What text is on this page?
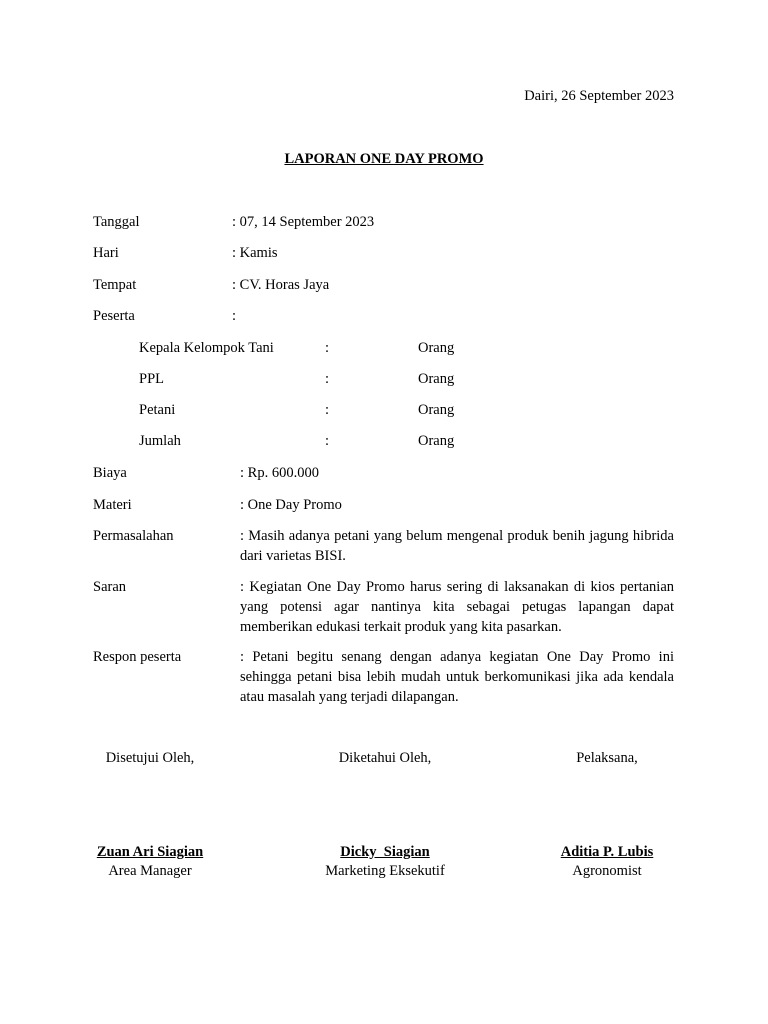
Dairi, 26 September 2023
LAPORAN ONE DAY PROMO
Tanggal	: 07, 14 September 2023
Hari	: Kamis
Tempat	: CV. Horas Jaya
Peserta	:
Kepala Kelompok Tani	:	Orang
PPL	:	Orang
Petani	:	Orang
Jumlah	:	Orang
Biaya	: Rp. 600.000
Materi	: One Day Promo
Permasalahan	: Masih adanya petani yang belum mengenal produk benih jagung hibrida dari varietas BISI.
Saran	: Kegiatan One Day Promo harus sering di laksanakan di kios pertanian yang potensi agar nantinya kita sebagai petugas lapangan dapat memberikan edukasi terkait produk yang kita pasarkan.
Respon peserta	: Petani begitu senang dengan adanya kegiatan One Day Promo ini sehingga petani bisa lebih mudah untuk berkomunikasi jika ada kendala atau masalah yang terjadi dilapangan.
Disetujui Oleh,	Diketahui Oleh,	Pelaksana,
Zuan Ari Siagian	Dicky  Siagian	Aditia P. Lubis
Area Manager	Marketing Eksekutif	Agronomist
